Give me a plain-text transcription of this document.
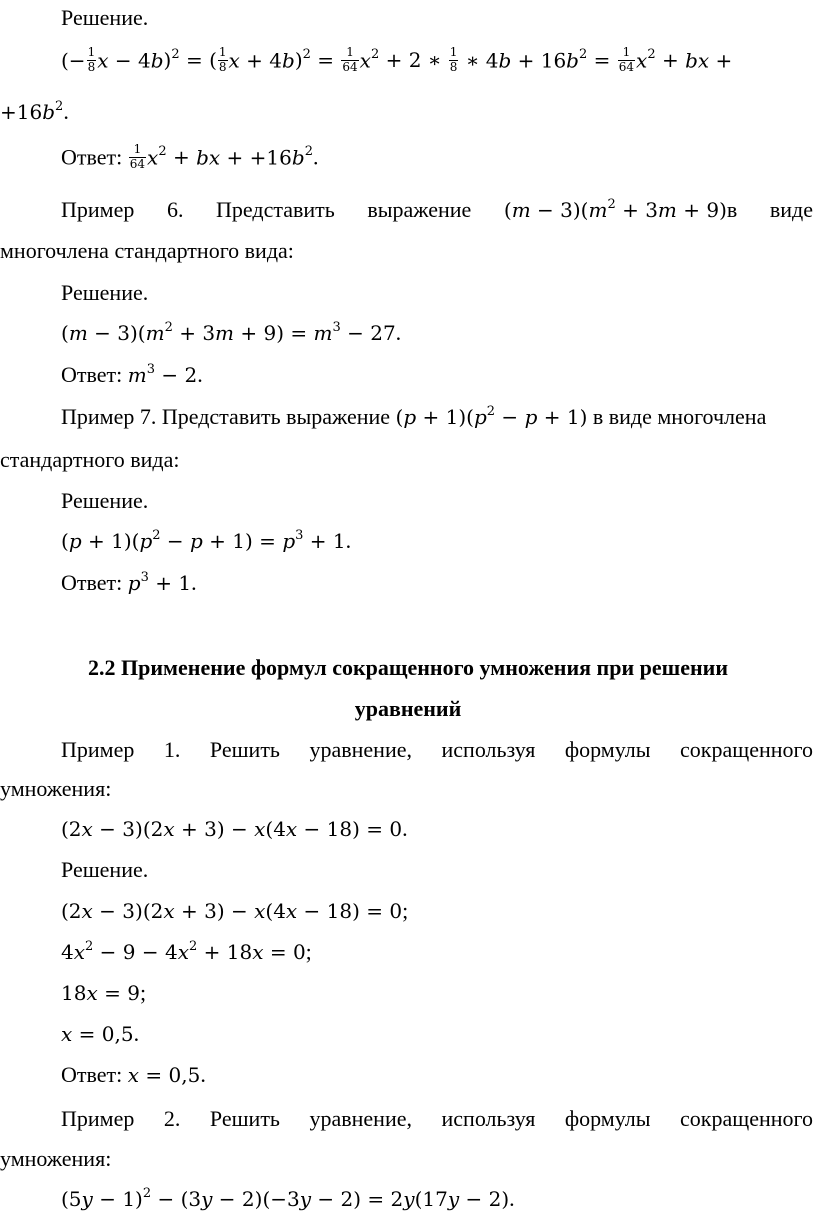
Решение.
(− $\frac{1}{8}$ x − 4b)$^2$ = ( $\frac{1}{8}$ $x + 4b)^2 = \frac{1}{64} x^2 + 2$ ∗ $\frac{1}{8}$ ∗ $4b + 16b^2 = \frac{1}{64} x^2$ + bx +
$+16b^2$.
Ответ: $\frac{1}{64} x^2$ + bx + $+16b^2$.
Пример 6. Представить выражение $(m - 3)(m^2 + 3m + 9)в$ виде
многочлена стандартного вида:
Решение.
$(m - 3)(m^2 + 3m + 9) = m^3 - 27$.
Ответ: $m^3 - 2$.
Пример 7. Представить выражение $(p + 1)(p^2 - p + 1)$ в виде многочлена
стандартного вида:
Решение.
$(p + 1)(p^2 - p + 1) = p^3 + 1$.
Ответ: $p^3 + 1$.
2.2 Применение формул сокращенного умножения при решении
уравнений
Пример 1. Решить уравнение, используя формулы сокращенного
умножения:
(2x − 3)(2x + 3) − x(4x − 18) = 0.
Решение.
(2x − 3)(2x + 3) − x(4x − 18) = 0;
$4x^2 - 9 - 4x^2 + 18x = 0$;
18x = 9;
x = 0,5.
Ответ: x = 0,5.
Пример 2. Решить уравнение, используя формулы сокращенного
умножения:
$(5y - 1)^2 - (3y - 2)(-3y - 2) = 2y(17y - 2)$.
